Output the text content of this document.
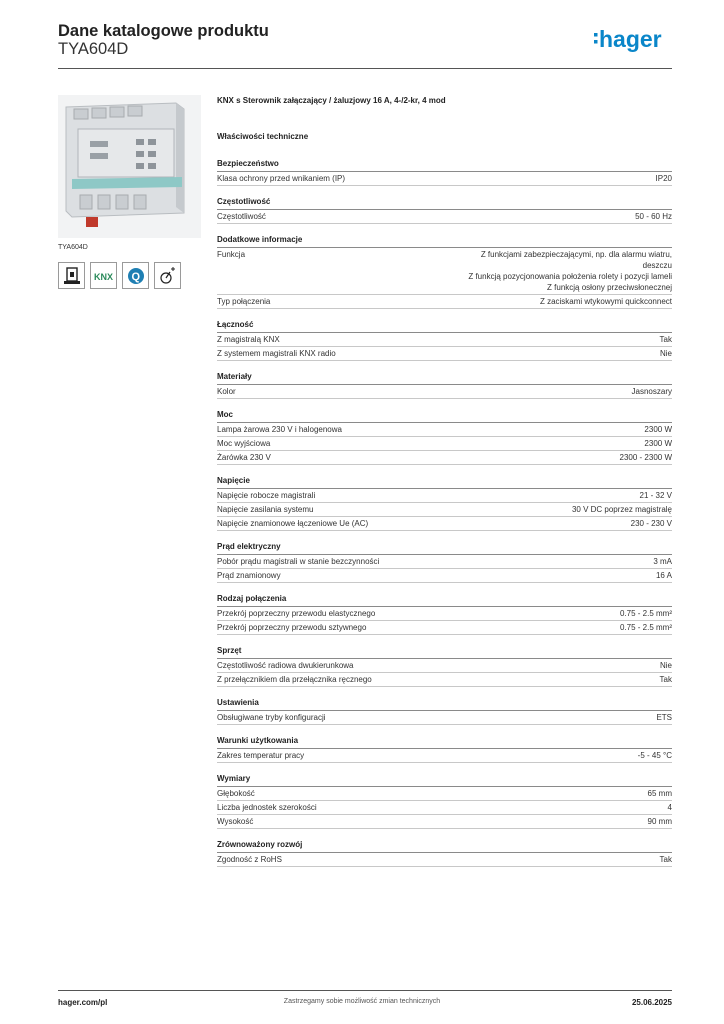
Dane katalogowe produktu
TYA604D	hager
TYA604D
KNX Q
KNX s Sterownik załączający / żaluzjowy 16 A, 4-/2-kr, 4 mod
Właściwości techniczne
Bezpieczeństwo
Klasa ochrony przed wnikaniem (IP)	IP20
Częstotliwość
Częstotliwość	50 - 60 Hz
Dodatkowe informacje
Funkcja	Z funkcjami zabezpieczającymi, np. dla alarmu wiatru,
deszczu
Z funkcją pozycjonowania położenia rolety i pozycji lameli
Z funkcją osłony przeciwsłonecznej
Typ połączenia	Z zaciskami wtykowymi quickconnect
Łączność
Z magistralą KNX	Tak
Z systemem magistrali KNX radio	Nie
Materiały
Kolor	Jasnoszary
Moc
Lampa żarowa 230 V i halogenowa	2300 W
Moc wyjściowa	2300 W
Żarówka 230 V	2300 - 2300 W
Napięcie
Napięcie robocze magistrali	21 - 32 V
Napięcie zasilania systemu	30 V DC poprzez magistralę
Napięcie znamionowe łączeniowe Ue (AC)	230 - 230 V
Prąd elektryczny
Pobór prądu magistrali w stanie bezczynności	3 mA
Prąd znamionowy	16 A
Rodzaj połączenia
Przekrój poprzeczny przewodu elastycznego	0.75 - 2.5 mm²
Przekrój poprzeczny przewodu sztywnego	0.75 - 2.5 mm²
Sprzęt
Częstotliwość radiowa dwukierunkowa	Nie
Z przełącznikiem dla przełącznika ręcznego	Tak
Ustawienia
Obsługiwane tryby konfiguracji	ETS
Warunki użytkowania
Zakres temperatur pracy	-5 - 45 °C
Wymiary
Głębokość	65 mm
Liczba jednostek szerokości	4
Wysokość	90 mm
Zrównoważony rozwój
Zgodność z RoHS	Tak
hager.com/pl	Zastrzegamy sobie możliwość zmian technicznych	25.06.2025
